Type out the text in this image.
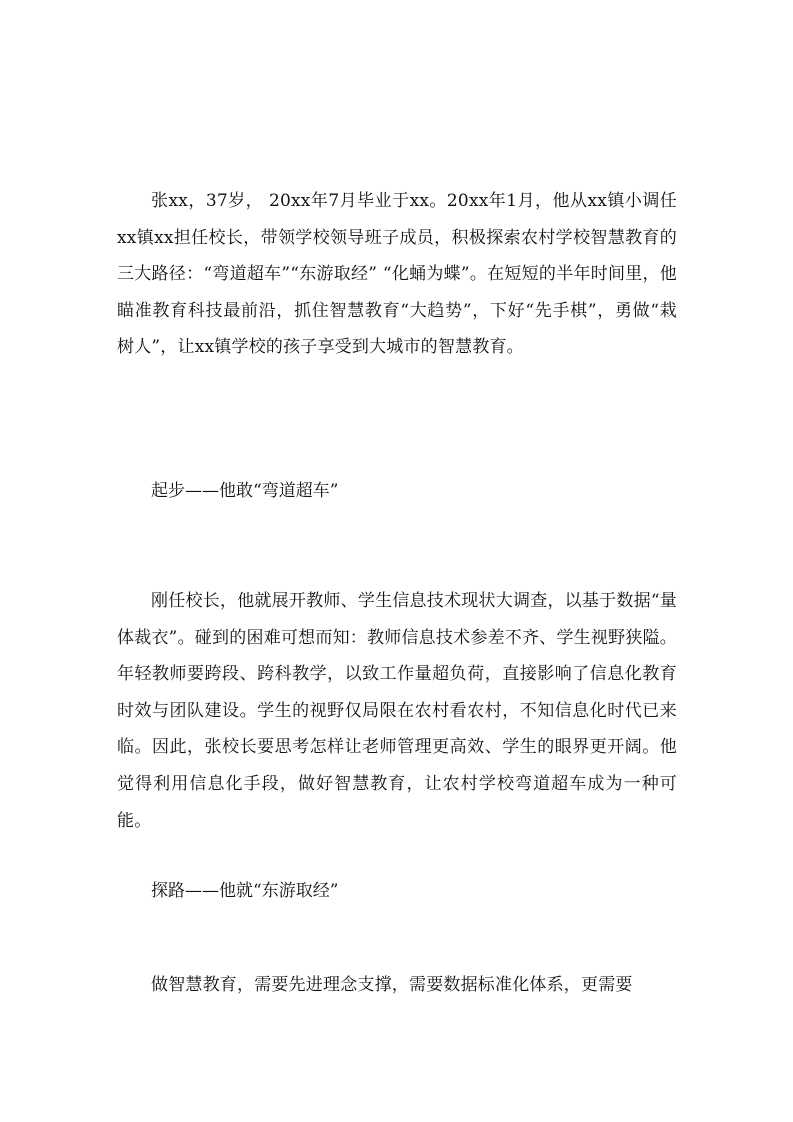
张xx，37岁， 20xx年7月毕业于xx。20xx年1月，他从xx镇小调任xx镇xx担任校长，带领学校领导班子成员，积极探索农村学校智慧教育的三大路径：“弯道超车”“东游取经” “化蛹为蝶”。在短短的半年时间里，他瞄准教育科技最前沿，抓住智慧教育“大趋势”，下好“先手棋”，勇做“栽树人”，让xx镇学校的孩子享受到大城市的智慧教育。

起步——他敢“弯道超车”

刚任校长，他就展开教师、学生信息技术现状大调查，以基于数据“量体裁衣”。碰到的困难可想而知：教师信息技术参差不齐、学生视野狭隘。年轻教师要跨段、跨科教学，以致工作量超负荷，直接影响了信息化教育时效与团队建设。学生的视野仅局限在农村看农村，不知信息化时代已来临。因此，张校长要思考怎样让老师管理更高效、学生的眼界更开阔。他觉得利用信息化手段，做好智慧教育，让农村学校弯道超车成为一种可能。

探路——他就“东游取经”

做智慧教育，需要先进理念支撑，需要数据标准化体系，更需要
